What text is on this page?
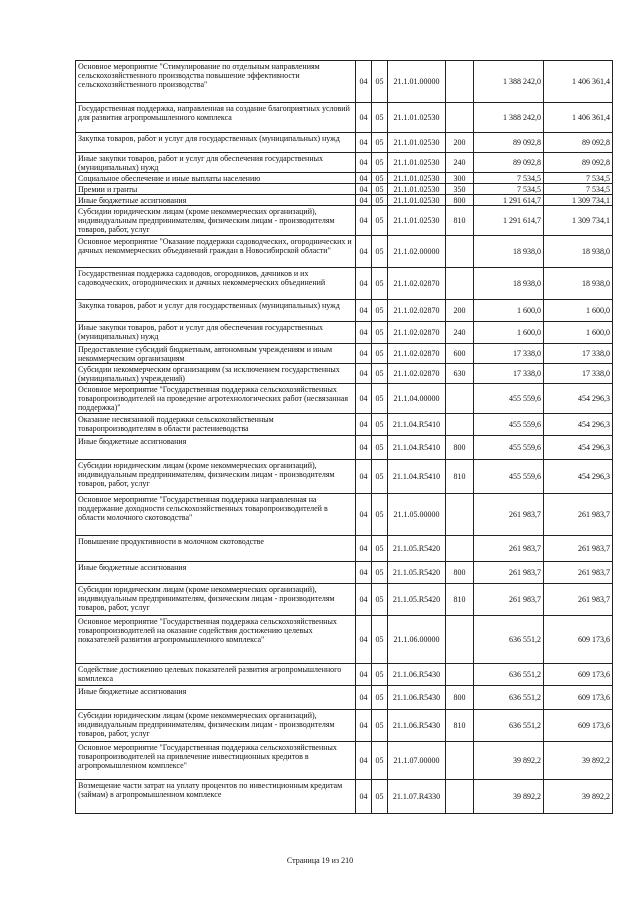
Основное мероприятие "Стимулирование по отдельным направлениям сельскохозяйственного производства повышение эффективности сельскохозяйственного производства"	04	05	21.1.01.00000		1 388 242,0	1 406 361,4
Государственная поддержка, направленная на создание благоприятных условий для развития агропромышленного комплекса	04	05	21.1.01.02530		1 388 242,0	1 406 361,4
Закупка товаров, работ и услуг для государственных (муниципальных) нужд	04	05	21.1.01.02530	200	89 092,8	89 092,8
Иные закупки товаров, работ и услуг для обеспечения государственных (муниципальных) нужд	04	05	21.1.01.02530	240	89 092,8	89 092,8
Социальное обеспечение и иные выплаты населению	04	05	21.1.01.02530	300	7 534,5	7 534,5
Премии и гранты	04	05	21.1.01.02530	350	7 534,5	7 534,5
Иные бюджетные ассигнования	04	05	21.1.01.02530	800	1 291 614,7	1 309 734,1
Субсидии юридическим лицам (кроме некоммерческих организаций), индивидуальным предпринимателям, физическим лицам - производителям товаров, работ, услуг	04	05	21.1.01.02530	810	1 291 614,7	1 309 734,1
Основное мероприятие "Оказание поддержки садоводческих, огороднических и дачных некоммерческих объединений граждан в Новосибирской области"	04	05	21.1.02.00000		18 938,0	18 938,0
Государственная поддержка садоводов, огородников, дачников и их садоводческих, огороднических и дачных некоммерческих объединений	04	05	21.1.02.02870		18 938,0	18 938,0
Закупка товаров, работ и услуг для государственных (муниципальных) нужд	04	05	21.1.02.02870	200	1 600,0	1 600,0
Иные закупки товаров, работ и услуг для обеспечения государственных (муниципальных) нужд	04	05	21.1.02.02870	240	1 600,0	1 600,0
Предоставление субсидий бюджетным, автономным учреждениям и иным некоммерческим организациям	04	05	21.1.02.02870	600	17 338,0	17 338,0
Субсидии некоммерческим организациям (за исключением государственных (муниципальных) учреждений)	04	05	21.1.02.02870	630	17 338,0	17 338,0
Основное мероприятие "Государственная поддержка сельскохозяйственных товаропроизводителей на проведение агротехнологических работ (несвязанная поддержка)"	04	05	21.1.04.00000		455 559,6	454 296,3
Оказание несвязанной поддержки сельскохозяйственным товаропроизводителям в области растениеводства	04	05	21.1.04.R5410		455 559,6	454 296,3
Иные бюджетные ассигнования	04	05	21.1.04.R5410	800	455 559,6	454 296,3
Субсидии юридическим лицам (кроме некоммерческих организаций), индивидуальным предпринимателям, физическим лицам - производителям товаров, работ, услуг	04	05	21.1.04.R5410	810	455 559,6	454 296,3
Основное мероприятие "Государственная поддержка направленная на поддержание доходности сельскохозяйственных товаропроизводителей в области молочного скотоводства"	04	05	21.1.05.00000		261 983,7	261 983,7
Повышение продуктивности в молочном скотоводстве	04	05	21.1.05.R5420		261 983,7	261 983,7
Иные бюджетные ассигнования	04	05	21.1.05.R5420	800	261 983,7	261 983,7
Субсидии юридическим лицам (кроме некоммерческих организаций), индивидуальным предпринимателям, физическим лицам - производителям товаров, работ, услуг	04	05	21.1.05.R5420	810	261 983,7	261 983,7
Основное мероприятие "Государственная поддержка сельскохозяйственных товаропроизводителей на оказание содействия достижению целевых показателей развития агропромышленного комплекса"	04	05	21.1.06.00000		636 551,2	609 173,6
Содействие достижению целевых показателей развития агропромышленного комплекса	04	05	21.1.06.R5430		636 551,2	609 173,6
Иные бюджетные ассигнования	04	05	21.1.06.R5430	800	636 551,2	609 173,6
Субсидии юридическим лицам (кроме некоммерческих организаций), индивидуальным предпринимателям, физическим лицам - производителям товаров, работ, услуг	04	05	21.1.06.R5430	810	636 551,2	609 173,6
Основное мероприятие "Государственная поддержка сельскохозяйственных товаропроизводителей на привлечение инвестиционных кредитов в агропромышленном комплексе"	04	05	21.1.07.00000		39 892,2	39 892,2
Возмещение части затрат на уплату процентов по инвестиционным кредитам (займам) в агропромышленном комплексе	04	05	21.1.07.R4330		39 892,2	39 892,2
Страница 19 из 210
